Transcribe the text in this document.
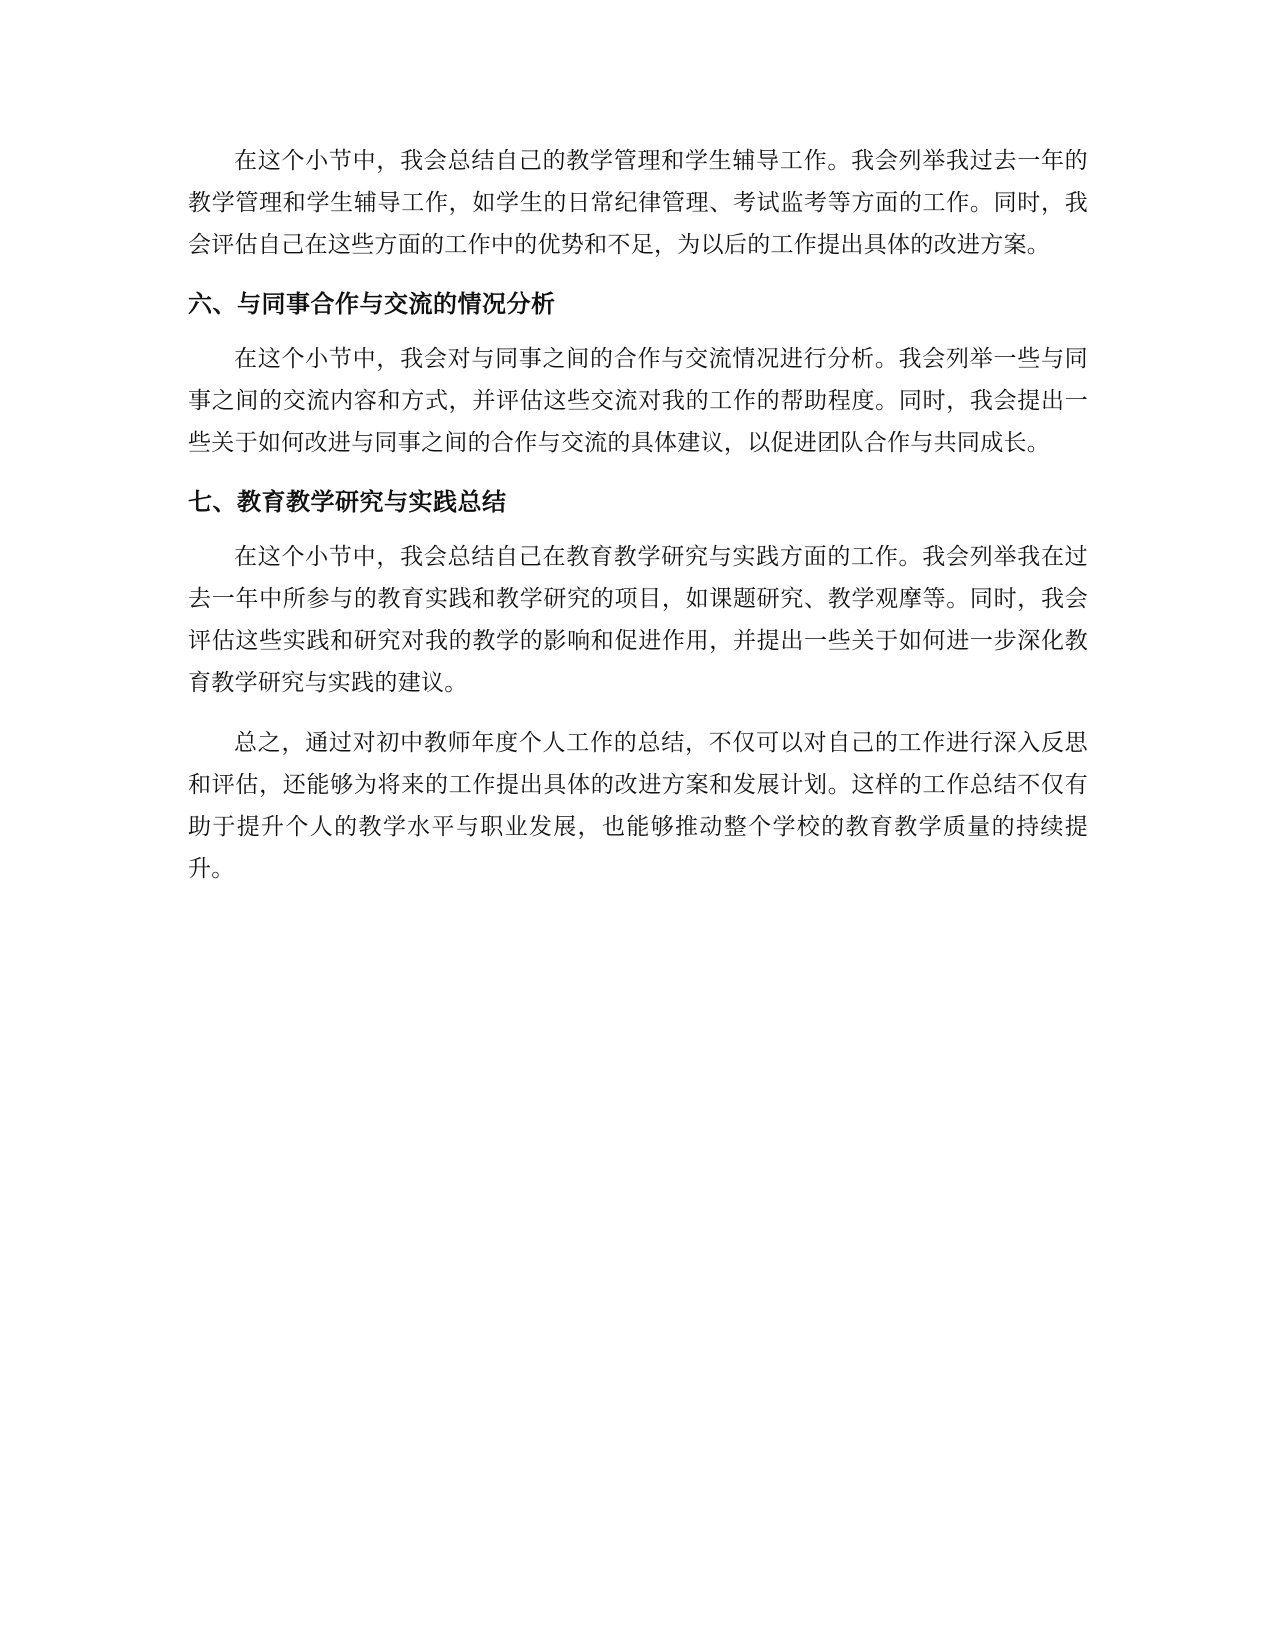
在这个小节中，我会总结自己的教学管理和学生辅导工作。我会列举我过去一年的教学管理和学生辅导工作，如学生的日常纪律管理、考试监考等方面的工作。同时，我会评估自己在这些方面的工作中的优势和不足，为以后的工作提出具体的改进方案。

六、与同事合作与交流的情况分析

在这个小节中，我会对与同事之间的合作与交流情况进行分析。我会列举一些与同事之间的交流内容和方式，并评估这些交流对我的工作的帮助程度。同时，我会提出一些关于如何改进与同事之间的合作与交流的具体建议，以促进团队合作与共同成长。

七、教育教学研究与实践总结

在这个小节中，我会总结自己在教育教学研究与实践方面的工作。我会列举我在过去一年中所参与的教育实践和教学研究的项目，如课题研究、教学观摩等。同时，我会评估这些实践和研究对我的教学的影响和促进作用，并提出一些关于如何进一步深化教育教学研究与实践的建议。

总之，通过对初中教师年度个人工作的总结，不仅可以对自己的工作进行深入反思和评估，还能够为将来的工作提出具体的改进方案和发展计划。这样的工作总结不仅有助于提升个人的教学水平与职业发展，也能够推动整个学校的教育教学质量的持续提升。
